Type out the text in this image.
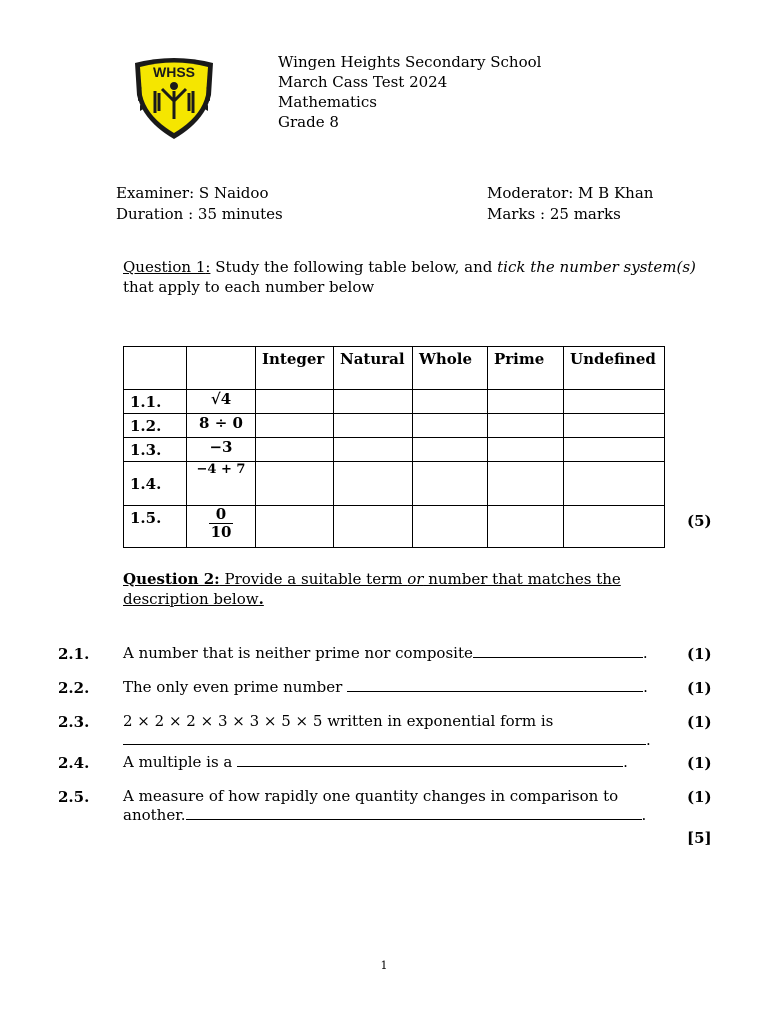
WHSS
Wingen Heights Secondary School
March Cass Test 2024
Mathematics
Grade 8
Examiner: S Naidoo
Duration : 35 minutes
Moderator: M B Khan
Marks : 25 marks
Question 1: Study the following table below, and tick the number system(s) that apply to each number below
		Integer	Natural	Whole	Prime	Undefined
1.1.	√4					
1.2.	8 ÷ 0					
1.3.	−3					
1.4.	−4 + 7					
1.5.	$\frac{0}{10}$
						(5)
Question 2: Provide a suitable term or number that matches the description below.
2.1. A number that is neither prime nor composite	.	(1)
2.2. The only even prime number	.	(1)
2.3. 2 × 2 × 2 × 3 × 3 × 5 × 5 written in exponential form is
.
(1)
2.4. A multiple is a	.	(1)
2.5. A measure of how rapidly one quantity changes in comparison to
another.	.
(1)
[5]
1
